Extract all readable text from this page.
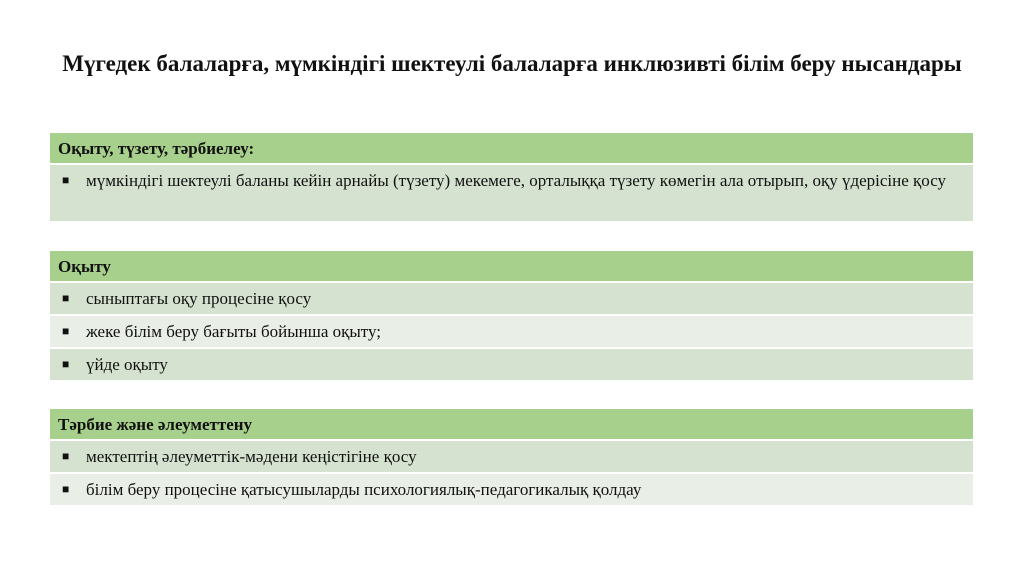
Мүгедек балаларға, мүмкіндігі шектеулі балаларға инклюзивті білім беру нысандары
Оқыту, түзету, тәрбиелеу:
■ мүмкіндігі шектеулі баланы кейін арнайы (түзету) мекемеге, орталыққа түзету көмегін ала отырып, оқу үдерісіне қосу
Оқыту
■ сыныптағы оқу процесіне қосу
■ жеке білім беру бағыты бойынша оқыту;
■ үйде оқыту
Тәрбие және әлеуметтену
■ мектептің әлеуметтік-мәдени кеңістігіне қосу
■ білім беру процесіне қатысушыларды психологиялық-педагогикалық қолдау
